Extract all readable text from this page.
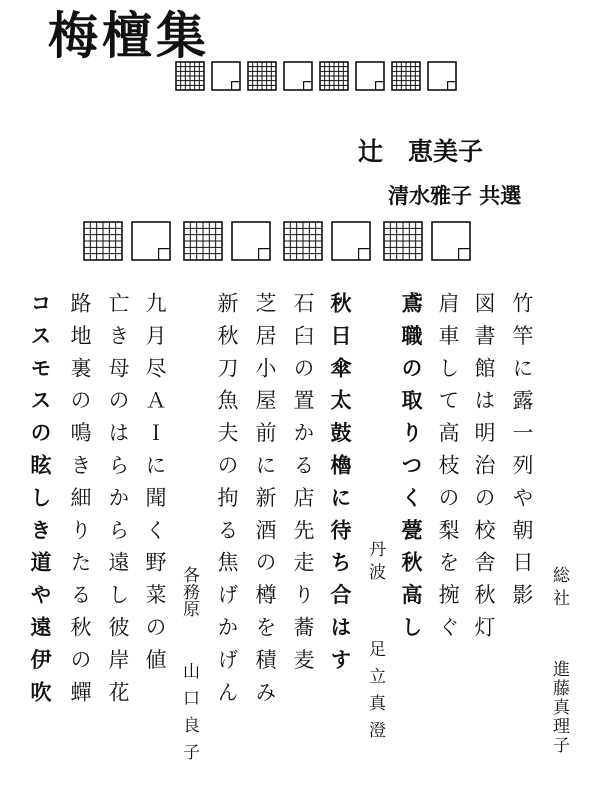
梅檀集
辻　恵美子
清水雅子 共選
竹竿に露一列や朝日影
図書館は明治の校舎秋灯
肩車して高枝の梨を捥ぐ
鳶職の取りつく甍秋高し	総社
進藤真理子
秋日傘太鼓櫓に待ち合はす
石臼の置かる店先走り蕎麦
芝居小屋前に新酒の樽を積み
新秋刀魚夫の拘る焦げかげん	丹波
足立真澄
九月尽ＡＩに聞く野菜の値
亡き母のはらから遠し彼岸花
路地裏の鳴き細りたる秋の蟬
コスモスの眩しき道や遠伊吹	各務原
山口良子
